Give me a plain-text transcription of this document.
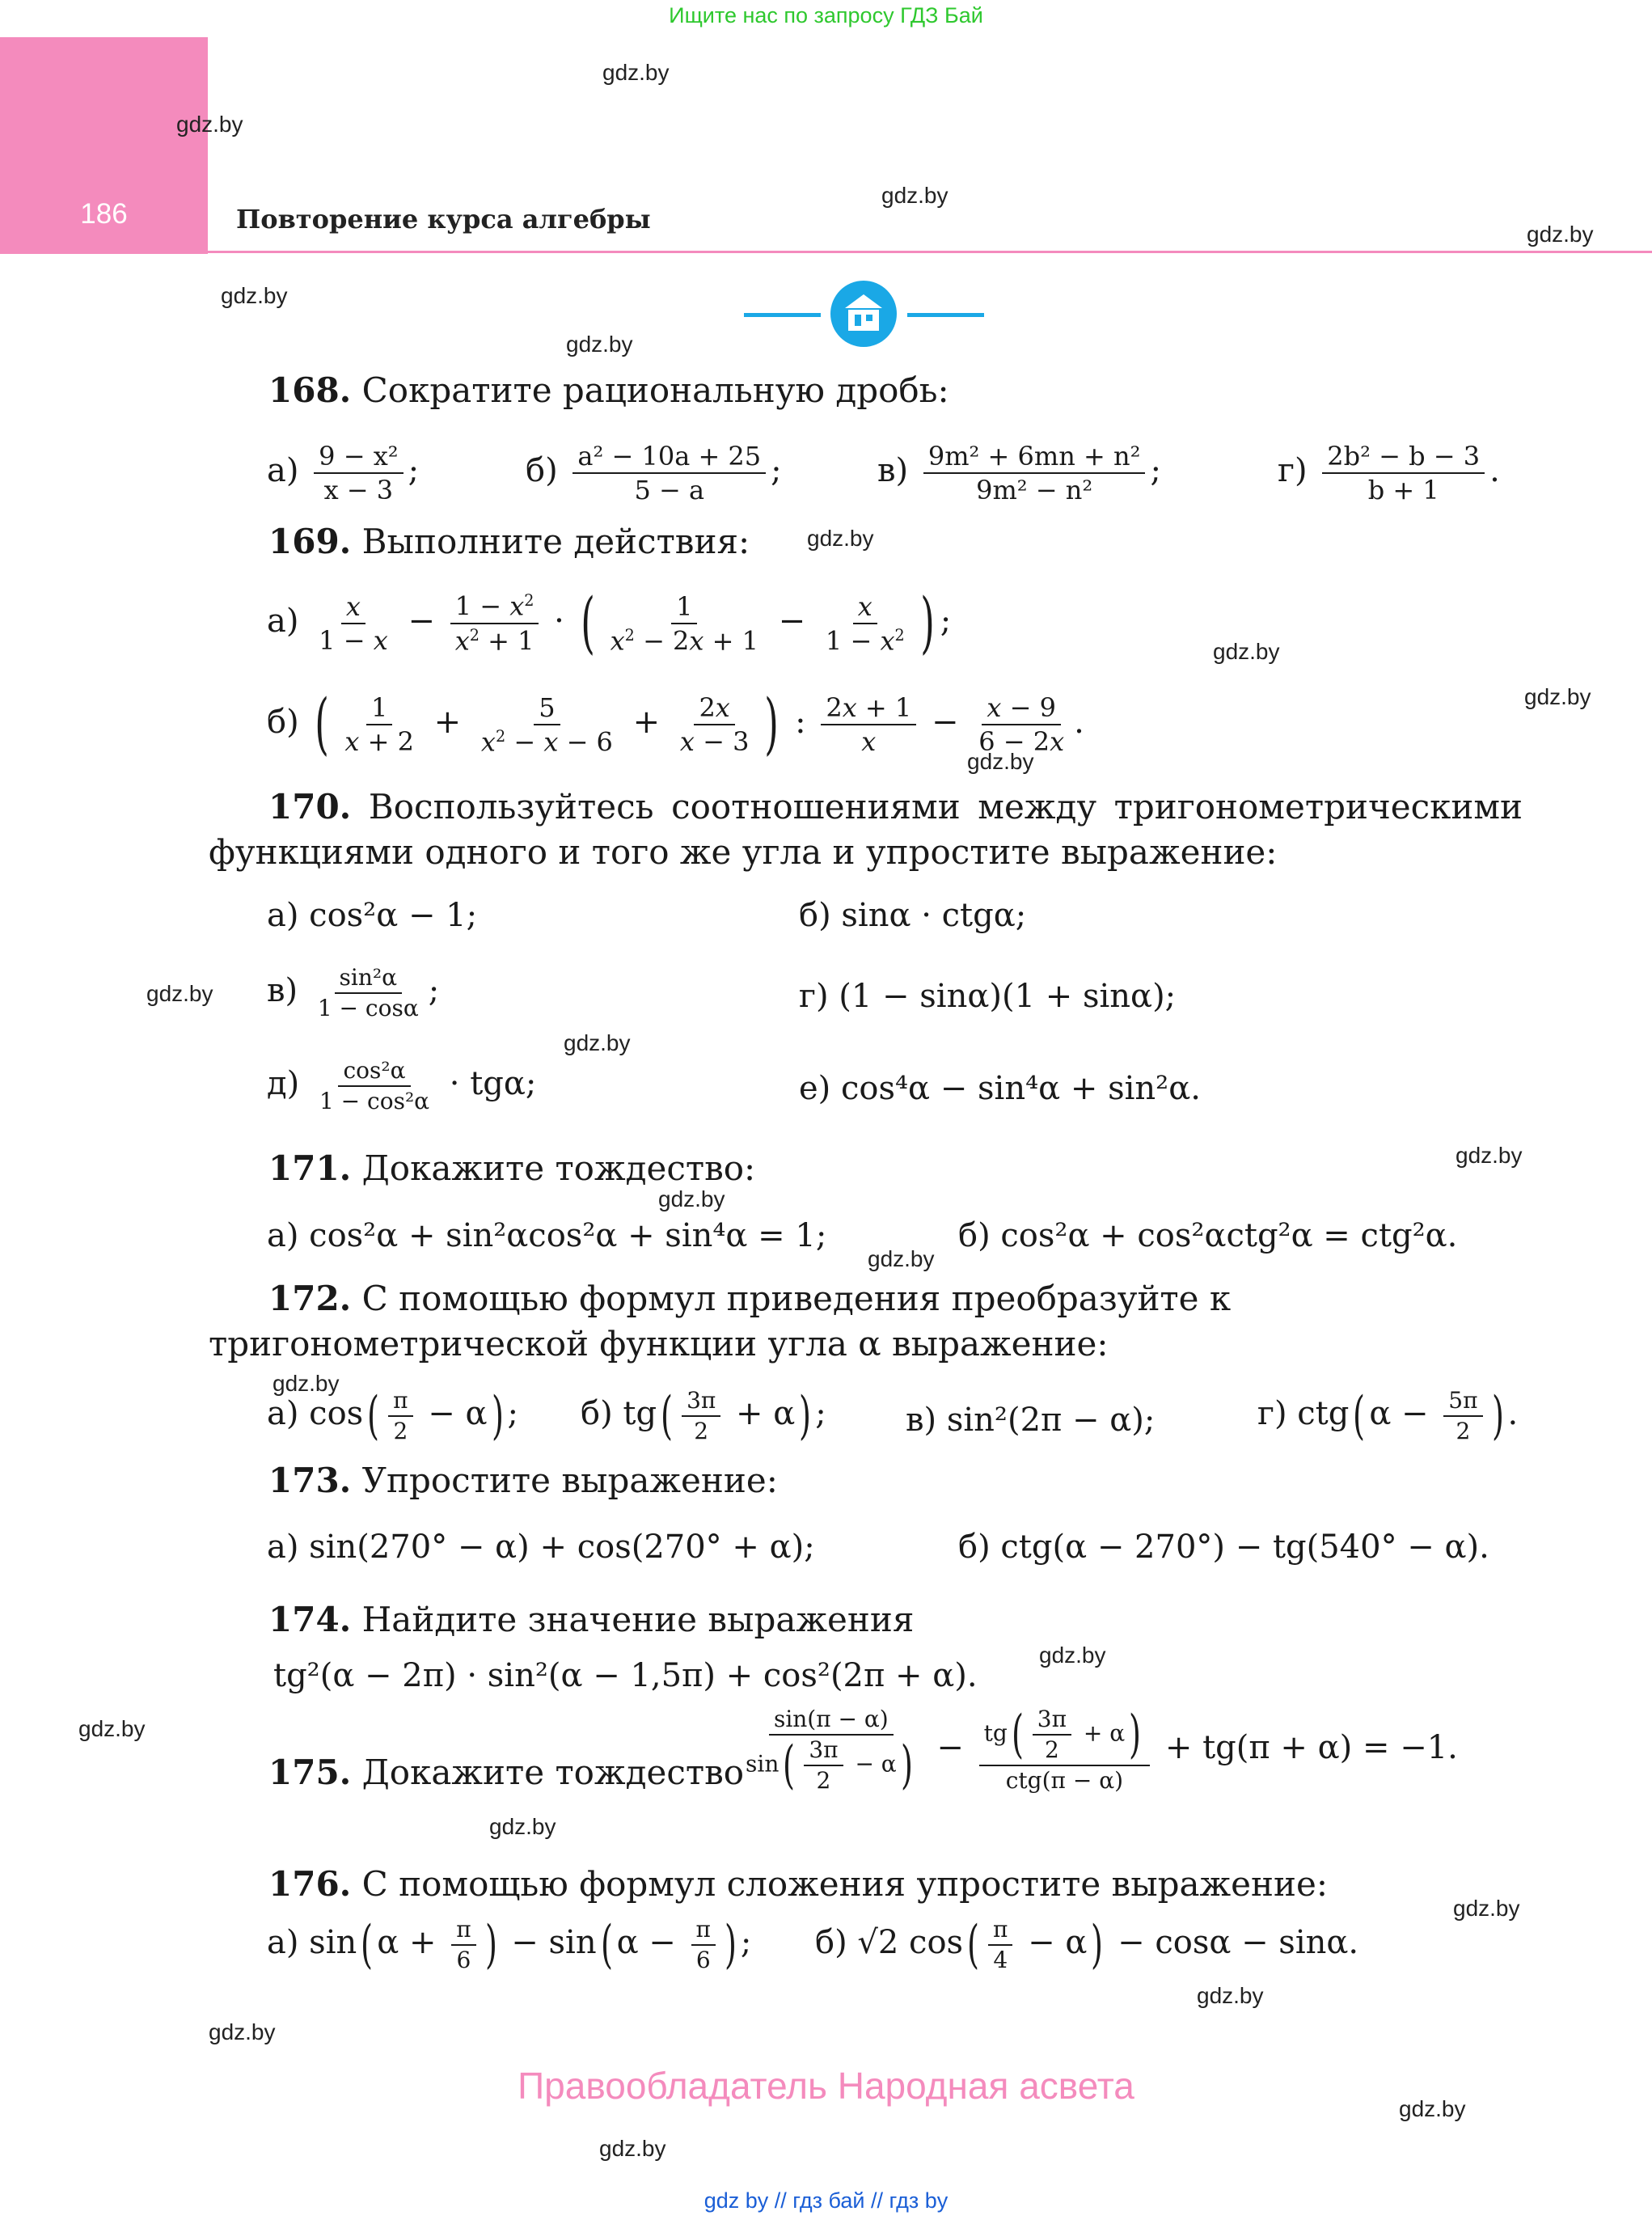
Ищите нас по запросу ГДЗ Бай
186	Повторение курса алгебры
gdz.by
gdz.by
gdz.by
gdz.by
gdz.by
gdz.by
gdz.by
gdz.by
gdz.by
gdz.by
gdz.by
gdz.by
gdz.by
gdz.by
gdz.by
gdz.by
gdz.by
gdz.by
gdz.by
gdz.by
gdz.by
gdz.by
gdz.by
gdz.by
168. Сократите рациональную дробь:
$а) \frac{\text{9 − x²}}{x - 3}$ ;	$б) \frac{\text{a² − 10a + 25}}{5 - a}$ ;	$в) \frac{\text{9m² + 6mn + n²}}{\text{9m² − n²}}$ ;	$г) \frac{\text{2b² − b − 3}}{b + 1}$ .
169. Выполните действия:
$а) \frac{x}{1 - x} - \frac{1 - x^2}{x^2 + 1}$ · ( $\frac{1}{x^2 - 2x + 1} - \frac{x}{1 - x^2}$ ) ;
б) ( $\frac{1}{x + 2} + \frac{5}{x^2 - x - 6} + \frac{2x}{x - 3}$ ) : $\frac{2x + 1}{x} - \frac{x - 9}{6 - 2x}$ .
170. Воспользуйтесь соотношениями между тригонометрическими функциями одного и того же угла и упростите выражение:
а) cos²α − 1;	б) sinα · ctgα;
$в) \frac{\text{sin²α}}{1 - \cos\alpha}$ ;	г) (1 − sinα)(1 + sinα);
$д) \frac{\text{cos²α}}{\text{1 − cos²α}} \cdot tg\alpha$;	е) cos⁴α − sin⁴α + sin²α.
171. Докажите тождество:
а) cos²α + sin²αcos²α + sin⁴α = 1;	б) cos²α + cos²αctg²α = ctg²α.
172. С помощью формул приведения преобразуйте к тригонометрической функции угла α выражение:
а) $\cos( \frac{\pi}{2} - \alpha)$ ; б) $tg( \frac{3\pi}{2} + \alpha)$ ; в) sin²(2π − α);	г) ctg( $\alpha - \frac{5\pi}{2}$ ) .
173. Упростите выражение:
а) sin(270° − α) + cos(270° + α);	б) ctg(α − 270°) − tg(540° − α).
174. Найдите значение выражения
tg²(α − 2π) · sin²(α − 1,5π) + cos²(2π + α).
175. Докажите тождество
$\frac{\sin(\pi - \alpha)}{\sin( \frac{3\pi}{2} - \alpha)} - \frac{tg( \frac{3\pi}{2} + \alpha)}{\text{ctg(π − α)}} + tg(\pi + \alpha) = -1$.
176. С помощью формул сложения упростите выражение:
а) sin( $\alpha + \frac{\pi}{6}$ ) − sin( $\alpha - \frac{\pi}{6}$ ) ; б) √2 $\cos( \frac{\pi}{4} - \alpha) - \cos\alpha - \sin\alpha$.
Правообладатель Народная асвета
gdz by // гдз бай // гдз by
